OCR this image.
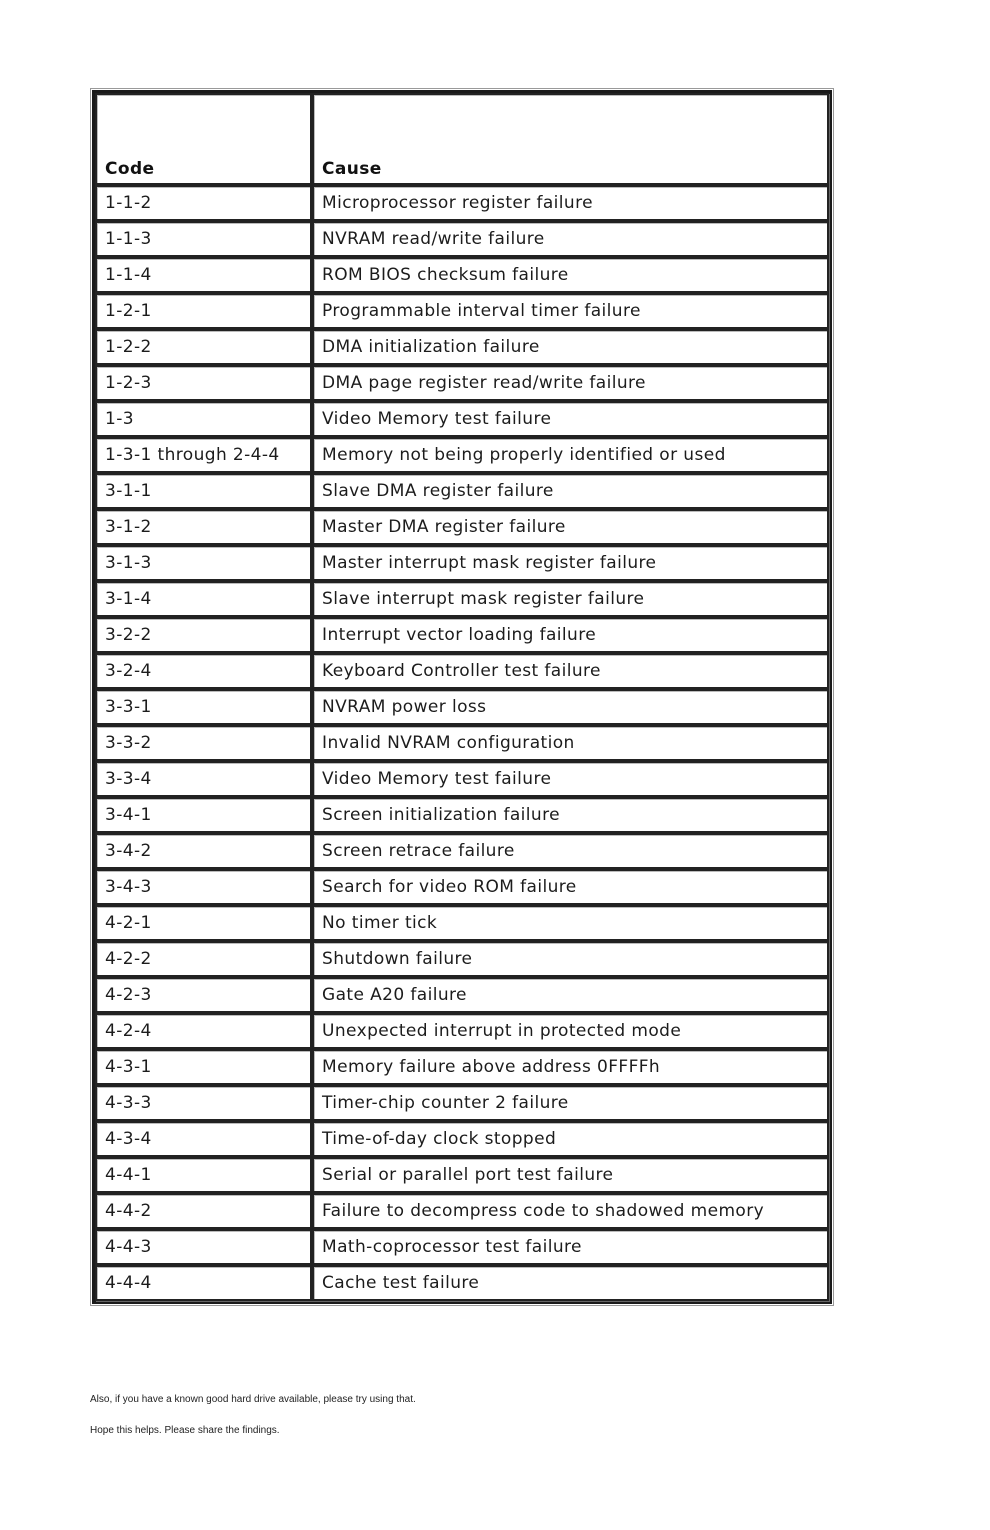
Code	Cause
1-1-2	Microprocessor register failure
1-1-3	NVRAM read/write failure
1-1-4	ROM BIOS checksum failure
1-2-1	Programmable interval timer failure
1-2-2	DMA initialization failure
1-2-3	DMA page register read/write failure
1-3	Video Memory test failure
1-3-1 through 2-4-4	Memory not being properly identified or used
3-1-1	Slave DMA register failure
3-1-2	Master DMA register failure
3-1-3	Master interrupt mask register failure
3-1-4	Slave interrupt mask register failure
3-2-2	Interrupt vector loading failure
3-2-4	Keyboard Controller test failure
3-3-1	NVRAM power loss
3-3-2	Invalid NVRAM configuration
3-3-4	Video Memory test failure
3-4-1	Screen initialization failure
3-4-2	Screen retrace failure
3-4-3	Search for video ROM failure
4-2-1	No timer tick
4-2-2	Shutdown failure
4-2-3	Gate A20 failure
4-2-4	Unexpected interrupt in protected mode
4-3-1	Memory failure above address 0FFFFh
4-3-3	Timer-chip counter 2 failure
4-3-4	Time-of-day clock stopped
4-4-1	Serial or parallel port test failure
4-4-2	Failure to decompress code to shadowed memory
4-4-3	Math-coprocessor test failure
4-4-4	Cache test failure

Also, if you have a known good hard drive available, please try using that.

Hope this helps. Please share the findings.
